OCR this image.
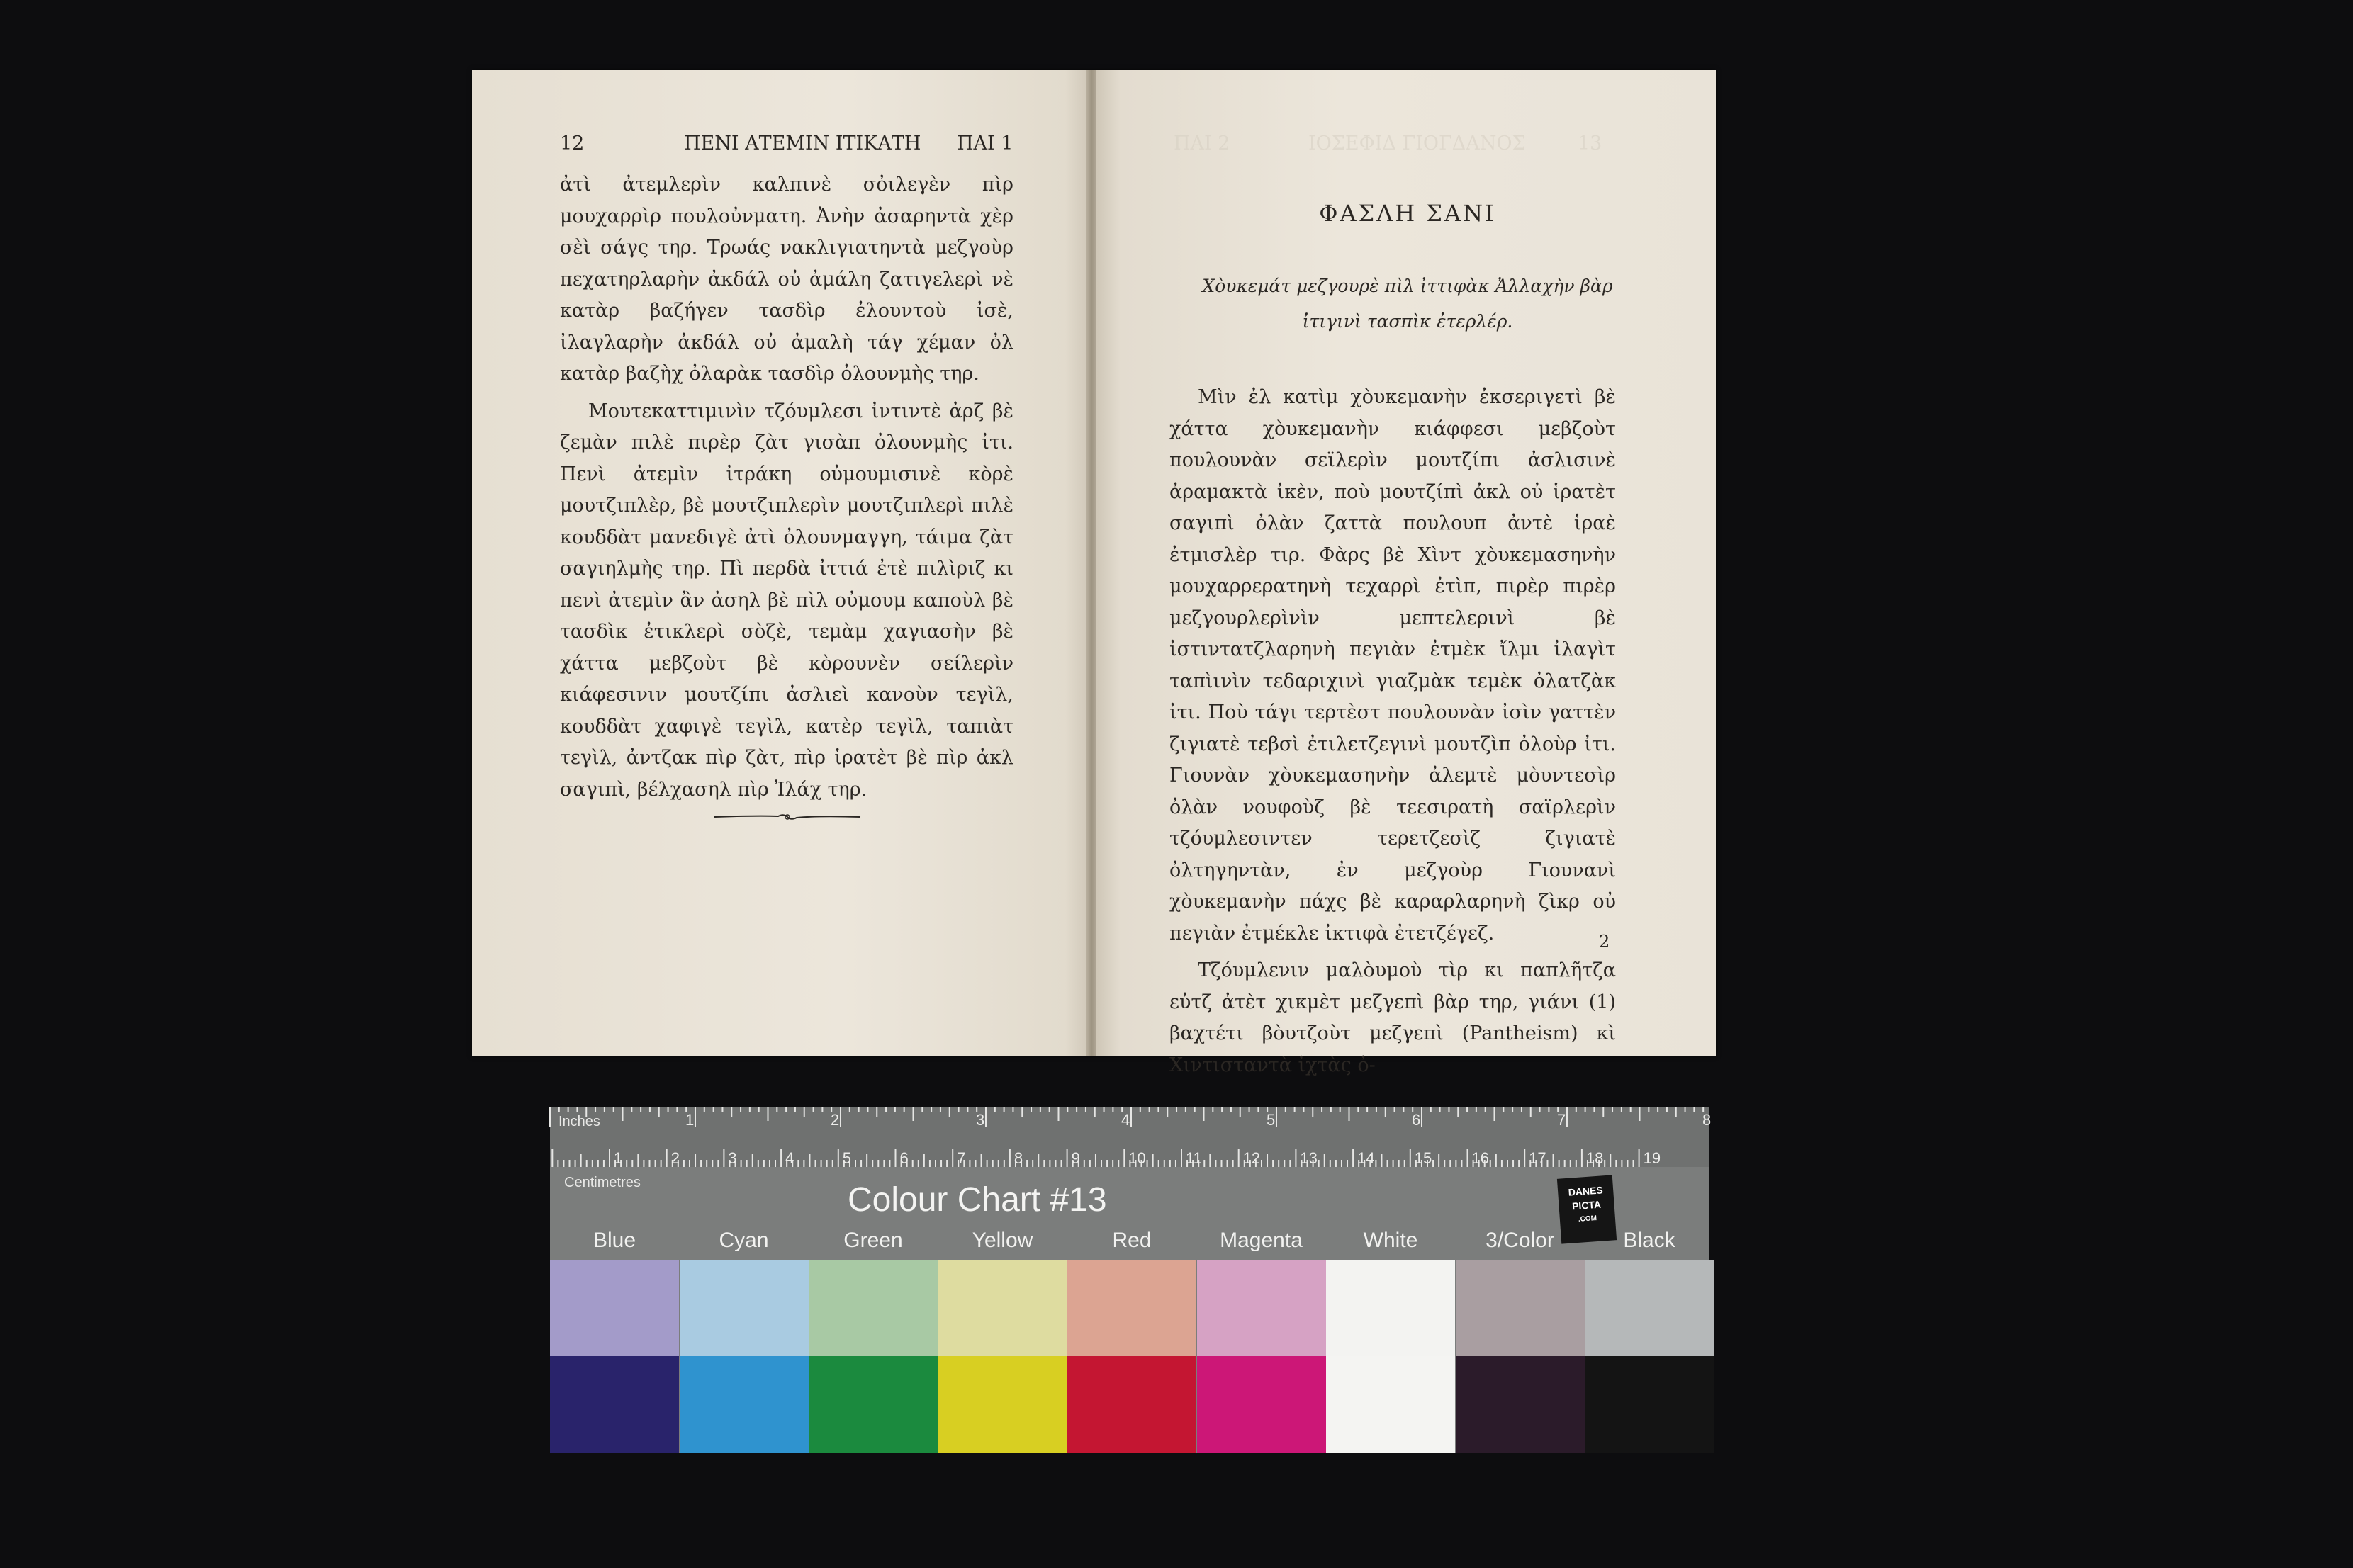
12	ΠΕΝΙ ΑΤΕΜΙΝ ΙΤΙΚΑΤΗ ΠΑΙ 1

ἀτὶ ἀτεμλερὶν καλπινὲ σὀιλεγὲν πὶρ μουχαρρὶρ πουλοὐνματη. Ἀνὴν ἀσαρηντὰ χὲρ σὲὶ σάγς τηρ. Τρωάς νακλιγιατηντὰ μεζγοὺρ πεχατηρλαρὴν ἀκδάλ οὐ ἀμάλη ζατιγελερὶ νὲ κατὰρ βαζήγεν τασδὶρ ἐλουντοὺ ἰσὲ, ἰλαγλαρὴν ἀκδάλ οὐ ἀμαλὴ τάγ χέμαν ὀλ κατὰρ βαζὴχ ὀλαρὰκ τασδὶρ ὀλουνμὴς τηρ.

Μουτεκαττιμινὶν τζόυμλεσι ἰντιντὲ ἀρζ βὲ ζεμὰν πιλὲ πιρὲρ ζὰτ γισὰπ ὀλουνμὴς ἰτι. Πενὶ ἀτεμὶν ἰτράκη οὐμουμισινὲ κὸρὲ μουτζιπλὲρ, βὲ μουτζιπλερὶν μουτζιπλερὶ πιλὲ κουδδὰτ μανεδιγὲ ἀτὶ ὀλουνμαγγη, τάιμα ζὰτ σαγιηλμὴς τηρ. Πὶ περδὰ ἰττιά ἐτὲ πιλὶριζ κι πενὶ ἀτεμὶν ἂν ἀσηλ βὲ πὶλ οὐμουμ καποὺλ βὲ τασδὶκ ἐτικλερὶ σὸζὲ, τεμὰμ χαγιασὴν βὲ χάττα μεβζοὺτ βὲ κὸρουνὲν σείλερὶν κιάφεσινιν μουτζίπι ἀσλιεὶ κανοὺν τεγὶλ, κουδδὰτ χαφιγὲ τεγὶλ, κατὲρ τεγὶλ, ταπιὰτ τεγὶλ, ἀντζακ πὶρ ζὰτ, πὶρ ἱρατὲτ βὲ πὶρ ἀκλ σαγιπὶ, βέλχασηλ πὶρ Ἰλάχ τηρ.

13
ΙΟΣΕΦΙΔ ΓΙΟΓΔΑΝΟΣ
ΠΑΙ 2
ΦΑΣΛΗ ΣΑΝΙ
Χὸυκεμάτ μεζγουρὲ πὶλ ἰττιφὰκ Ἀλλαχὴν βὰρ
ἰτιγινὶ τασπὶκ ἐτερλέρ.

Μὶν ἐλ κατὶμ χὸυκεμανὴν ἐκσεριγετὶ βὲ χάττα χὸυκεμανὴν κιάφφεσι μεβζοὺτ πουλουνὰν σεϊλερὶν μουτζίπι ἀσλισινὲ ἀραμακτὰ ἰκὲν, ποὺ μουτζίπὶ ἀκλ οὐ ἱρατὲτ σαγιπὶ ὀλὰν ζαττὰ πουλουπ ἀντὲ ἱραὲ ἐτμισλὲρ τιρ. Φὰρς βὲ Χὶντ χὸυκεμασηνὴν μουχαρρερατηνὴ τεχαρρὶ ἐτὶπ, πιρὲρ πιρὲρ μεζγουρλερὶνὶν μεπτελερινὶ βὲ ἰστιντατζλαρηνὴ πεγιὰν ἐτμὲκ ἴλμι ἰλαγὶτ ταπὶινὶν τεδαριχινὶ γιαζμὰκ τεμὲκ ὀλατζὰκ ἰτι. Ποὺ τάγι τερτὲστ πουλουνὰν ἰσὶν γαττὲν ζιγιατὲ τεβσὶ ἐτιλετζεγινὶ μουτζὶπ ὀλοὺρ ἰτι. Γιουνὰν χὸυκεμασηνὴν ἀλεμτὲ μὸυντεσὶρ ὀλὰν νουφοὺζ βὲ τεεσιρατὴ σαϊρλερὶν τζόυμλεσιντεν τερετζεσὶζ ζιγιατὲ ὀλτηγηντὰν, ἐν μεζγοὺρ Γιουνανὶ χὸυκεμανὴν πάχς βὲ καραρλαρηνὴ ζὶκρ οὐ πεγιὰν ἐτμέκλε ἰκτιφὰ ἐτετζέγεζ.

Τζόυμλενιν μαλὸυμοὺ τὶρ κι παπλῆτζα εὐτζ ἀτὲτ χικμὲτ μεζγεπὶ βὰρ τηρ, γιάνι (1) βαχτέτι βὸυτζοὺτ μεζγεπὶ (Pantheism) κὶ Χιντισταντὰ ἰχτὰς ὀ-

2
1	2	3	4	5	6	7	8
1	2	3	4	5	6	7	8	9	10	11	12	13	14	15	16	17	18	19
Inches
Centimetres	Colour Chart #13	DANES
PICTA
.COM
Blue	Cyan	Green	Yellow	Red	Magenta	White	3/Color	Black
